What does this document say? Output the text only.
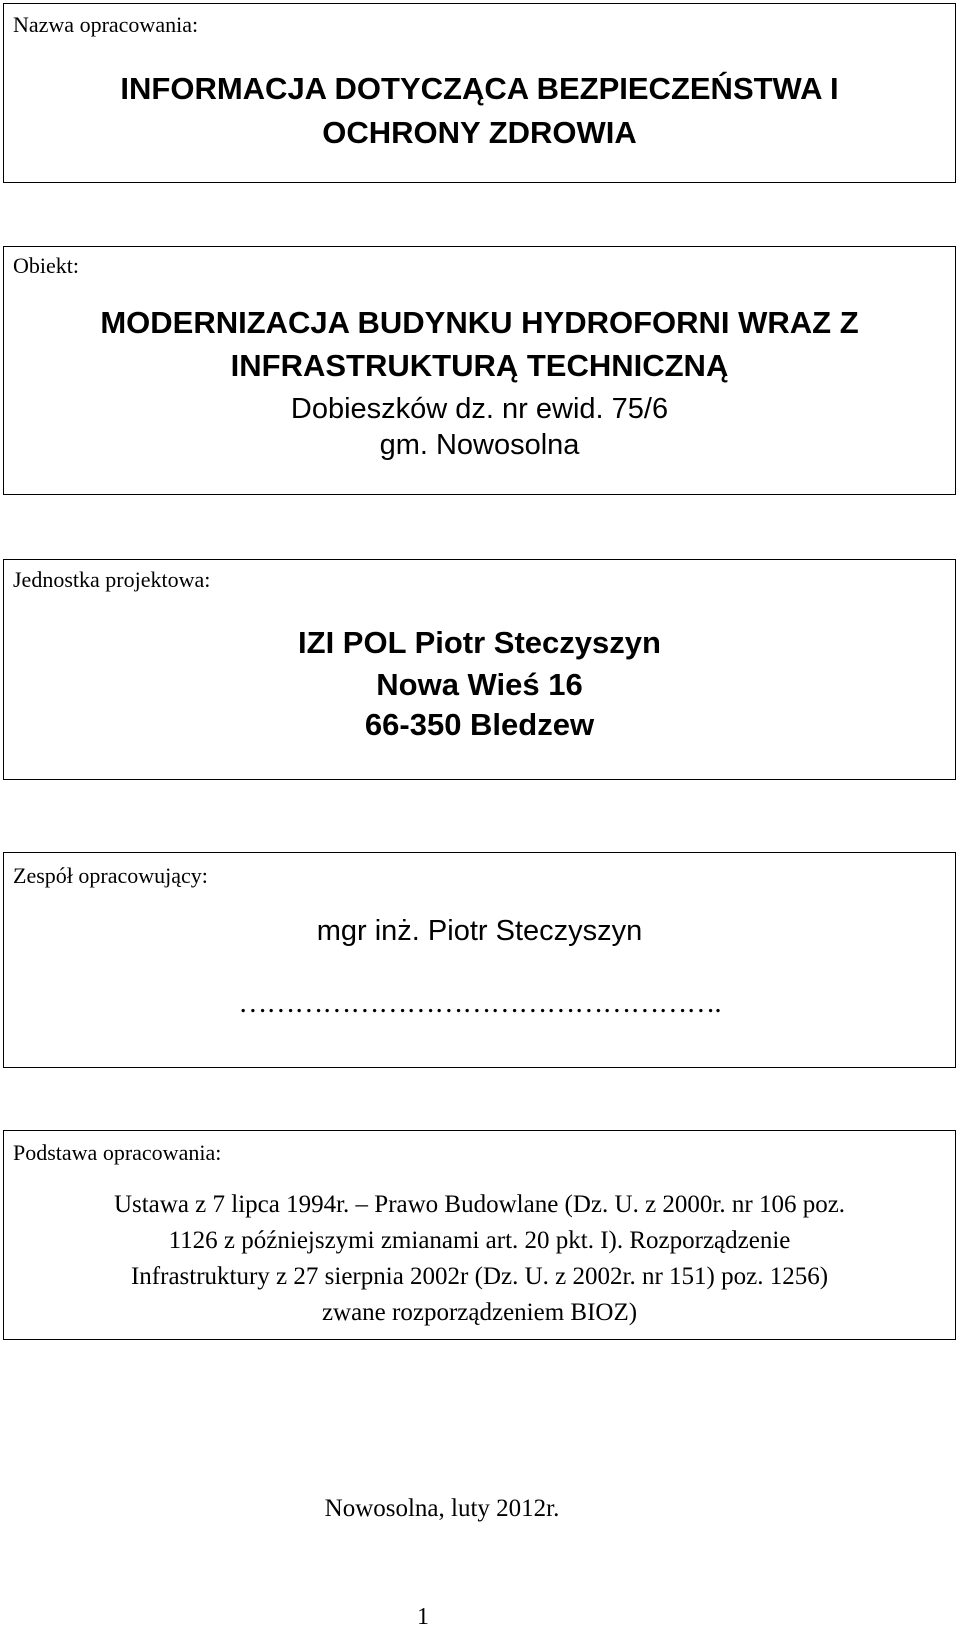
Nazwa opracowania:
INFORMACJA DOTYCZĄCA BEZPIECZEŃSTWA I
OCHRONY ZDROWIA
Obiekt:
MODERNIZACJA BUDYNKU HYDROFORNI WRAZ Z
INFRASTRUKTURĄ TECHNICZNĄ
Dobieszków dz. nr ewid. 75/6
gm. Nowosolna
Jednostka projektowa:
IZI POL Piotr Steczyszyn
Nowa Wieś 16
66-350 Bledzew
Zespół opracowujący:
mgr inż. Piotr Steczyszyn
…………………………………………….
Podstawa opracowania:
Ustawa z 7 lipca 1994r. – Prawo Budowlane (Dz. U. z 2000r. nr 106 poz.
1126 z późniejszymi zmianami art. 20 pkt. I). Rozporządzenie
Infrastruktury z 27 sierpnia 2002r (Dz. U. z 2002r. nr 151) poz. 1256)
zwane rozporządzeniem BIOZ)
Nowosolna, luty 2012r.
1
